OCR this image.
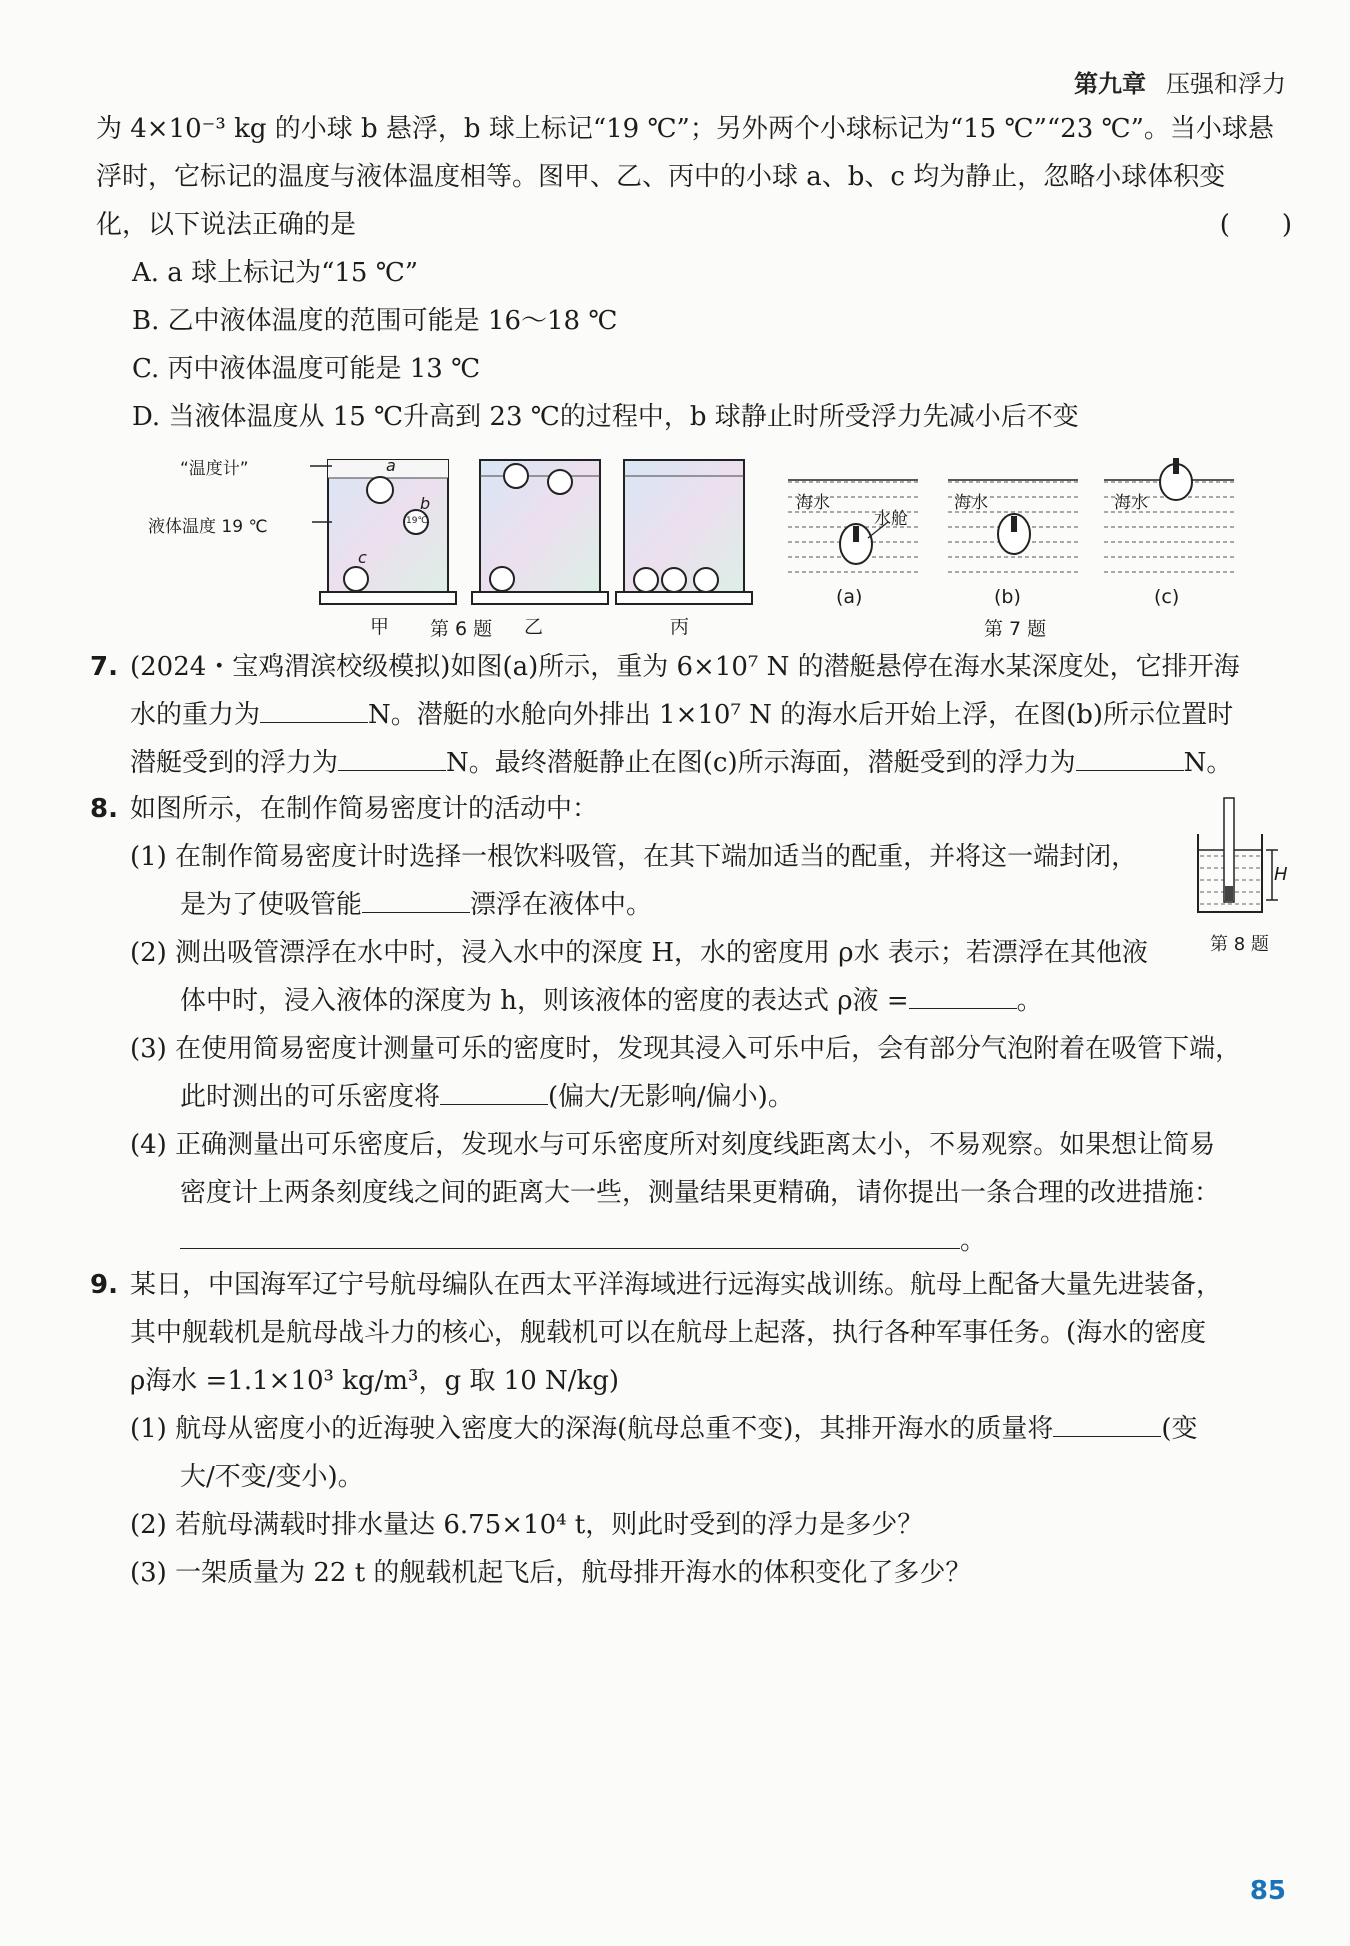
第九章 压强和浮力
为 4×10⁻³ kg 的小球 b 悬浮，b 球上标记“19 ℃”；另外两个小球标记为“15 ℃”“23 ℃”。当小球悬
浮时，它标记的温度与液体温度相等。图甲、乙、丙中的小球 a、b、c 均为静止，忽略小球体积变
化，以下说法正确的是	(　　)
A. a 球上标记为“15 ℃”
B. 乙中液体温度的范围可能是 16～18 ℃
C. 丙中液体温度可能是 13 ℃
D. 当液体温度从 15 ℃升高到 23 ℃的过程中，b 球静止时所受浮力先减小后不变
“温度计”
液体温度 19 ℃
a
b
19℃
c
甲	乙	丙
第 6 题
海水
水舱
海水	海水
(a)	(b)	(c)
第 7 题
7. (2024・宝鸡渭滨校级模拟)如图(a)所示，重为 6×10⁷ N 的潜艇悬停在海水某深度处，它排开海
水的重力为	N。潜艇的水舱向外排出 1×10⁷ N 的海水后开始上浮，在图(b)所示位置时
潜艇受到的浮力为	N。最终潜艇静止在图(c)所示海面，潜艇受到的浮力为	N。
8. 如图所示，在制作简易密度计的活动中：
(1) 在制作简易密度计时选择一根饮料吸管，在其下端加适当的配重，并将这一端封闭，
是为了使吸管能	漂浮在液体中。
(2) 测出吸管漂浮在水中时，浸入水中的深度 H，水的密度用 ρ水 表示；若漂浮在其他液
体中时，浸入液体的深度为 h，则该液体的密度的表达式 ρ液 =	。
(3) 在使用简易密度计测量可乐的密度时，发现其浸入可乐中后，会有部分气泡附着在吸管下端，
此时测出的可乐密度将	(偏大/无影响/偏小)。
(4) 正确测量出可乐密度后，发现水与可乐密度所对刻度线距离太小，不易观察。如果想让简易
密度计上两条刻度线之间的距离大一些，测量结果更精确，请你提出一条合理的改进措施：
。
H
第 8 题
9. 某日，中国海军辽宁号航母编队在西太平洋海域进行远海实战训练。航母上配备大量先进装备，
其中舰载机是航母战斗力的核心，舰载机可以在航母上起落，执行各种军事任务。(海水的密度
ρ海水 =1.1×10³ kg/m³，g 取 10 N/kg)
(1) 航母从密度小的近海驶入密度大的深海(航母总重不变)，其排开海水的质量将	(变
大/不变/变小)。
(2) 若航母满载时排水量达 6.75×10⁴ t，则此时受到的浮力是多少？
(3) 一架质量为 22 t 的舰载机起飞后，航母排开海水的体积变化了多少？
85
